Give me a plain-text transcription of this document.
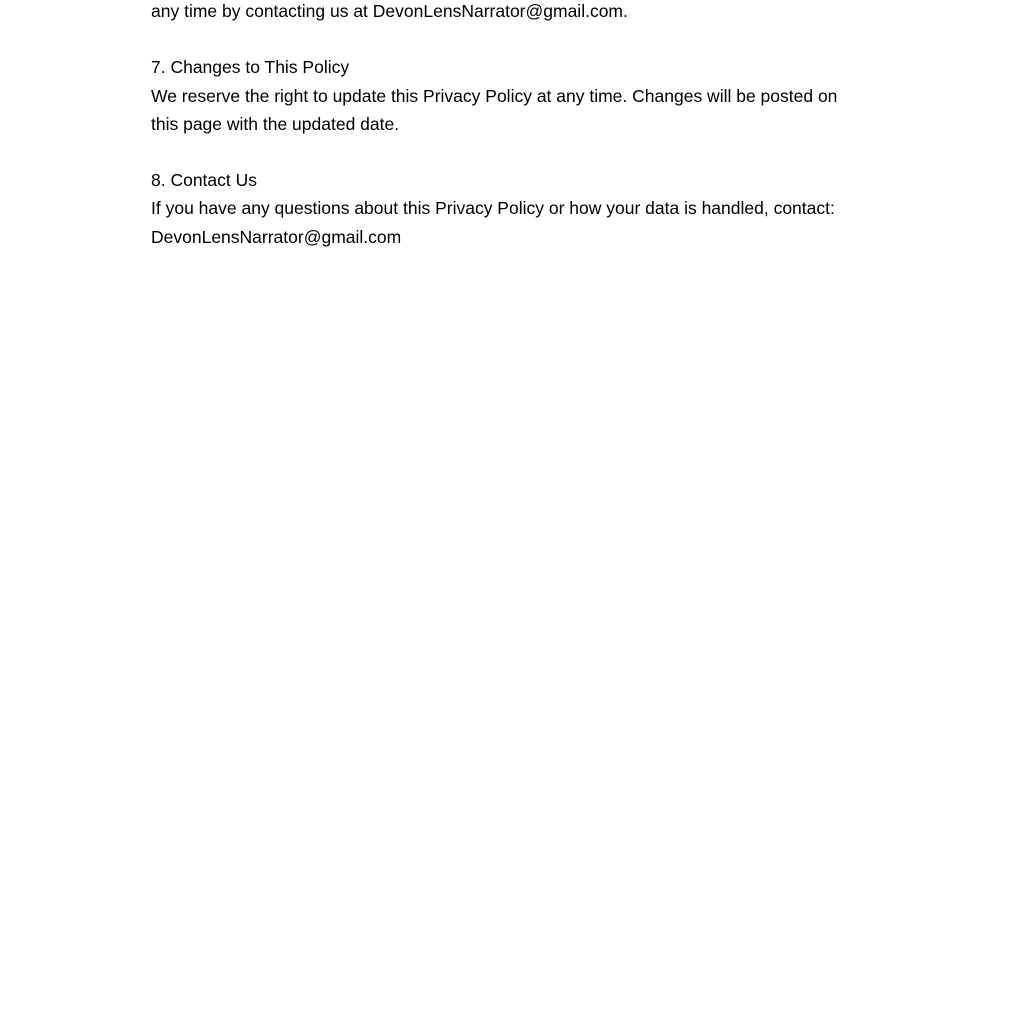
any time by contacting us at DevonLensNarrator@gmail.com.
7. Changes to This Policy
We reserve the right to update this Privacy Policy at any time. Changes will be posted on
this page with the updated date.
8. Contact Us
If you have any questions about this Privacy Policy or how your data is handled, contact:
DevonLensNarrator@gmail.com
